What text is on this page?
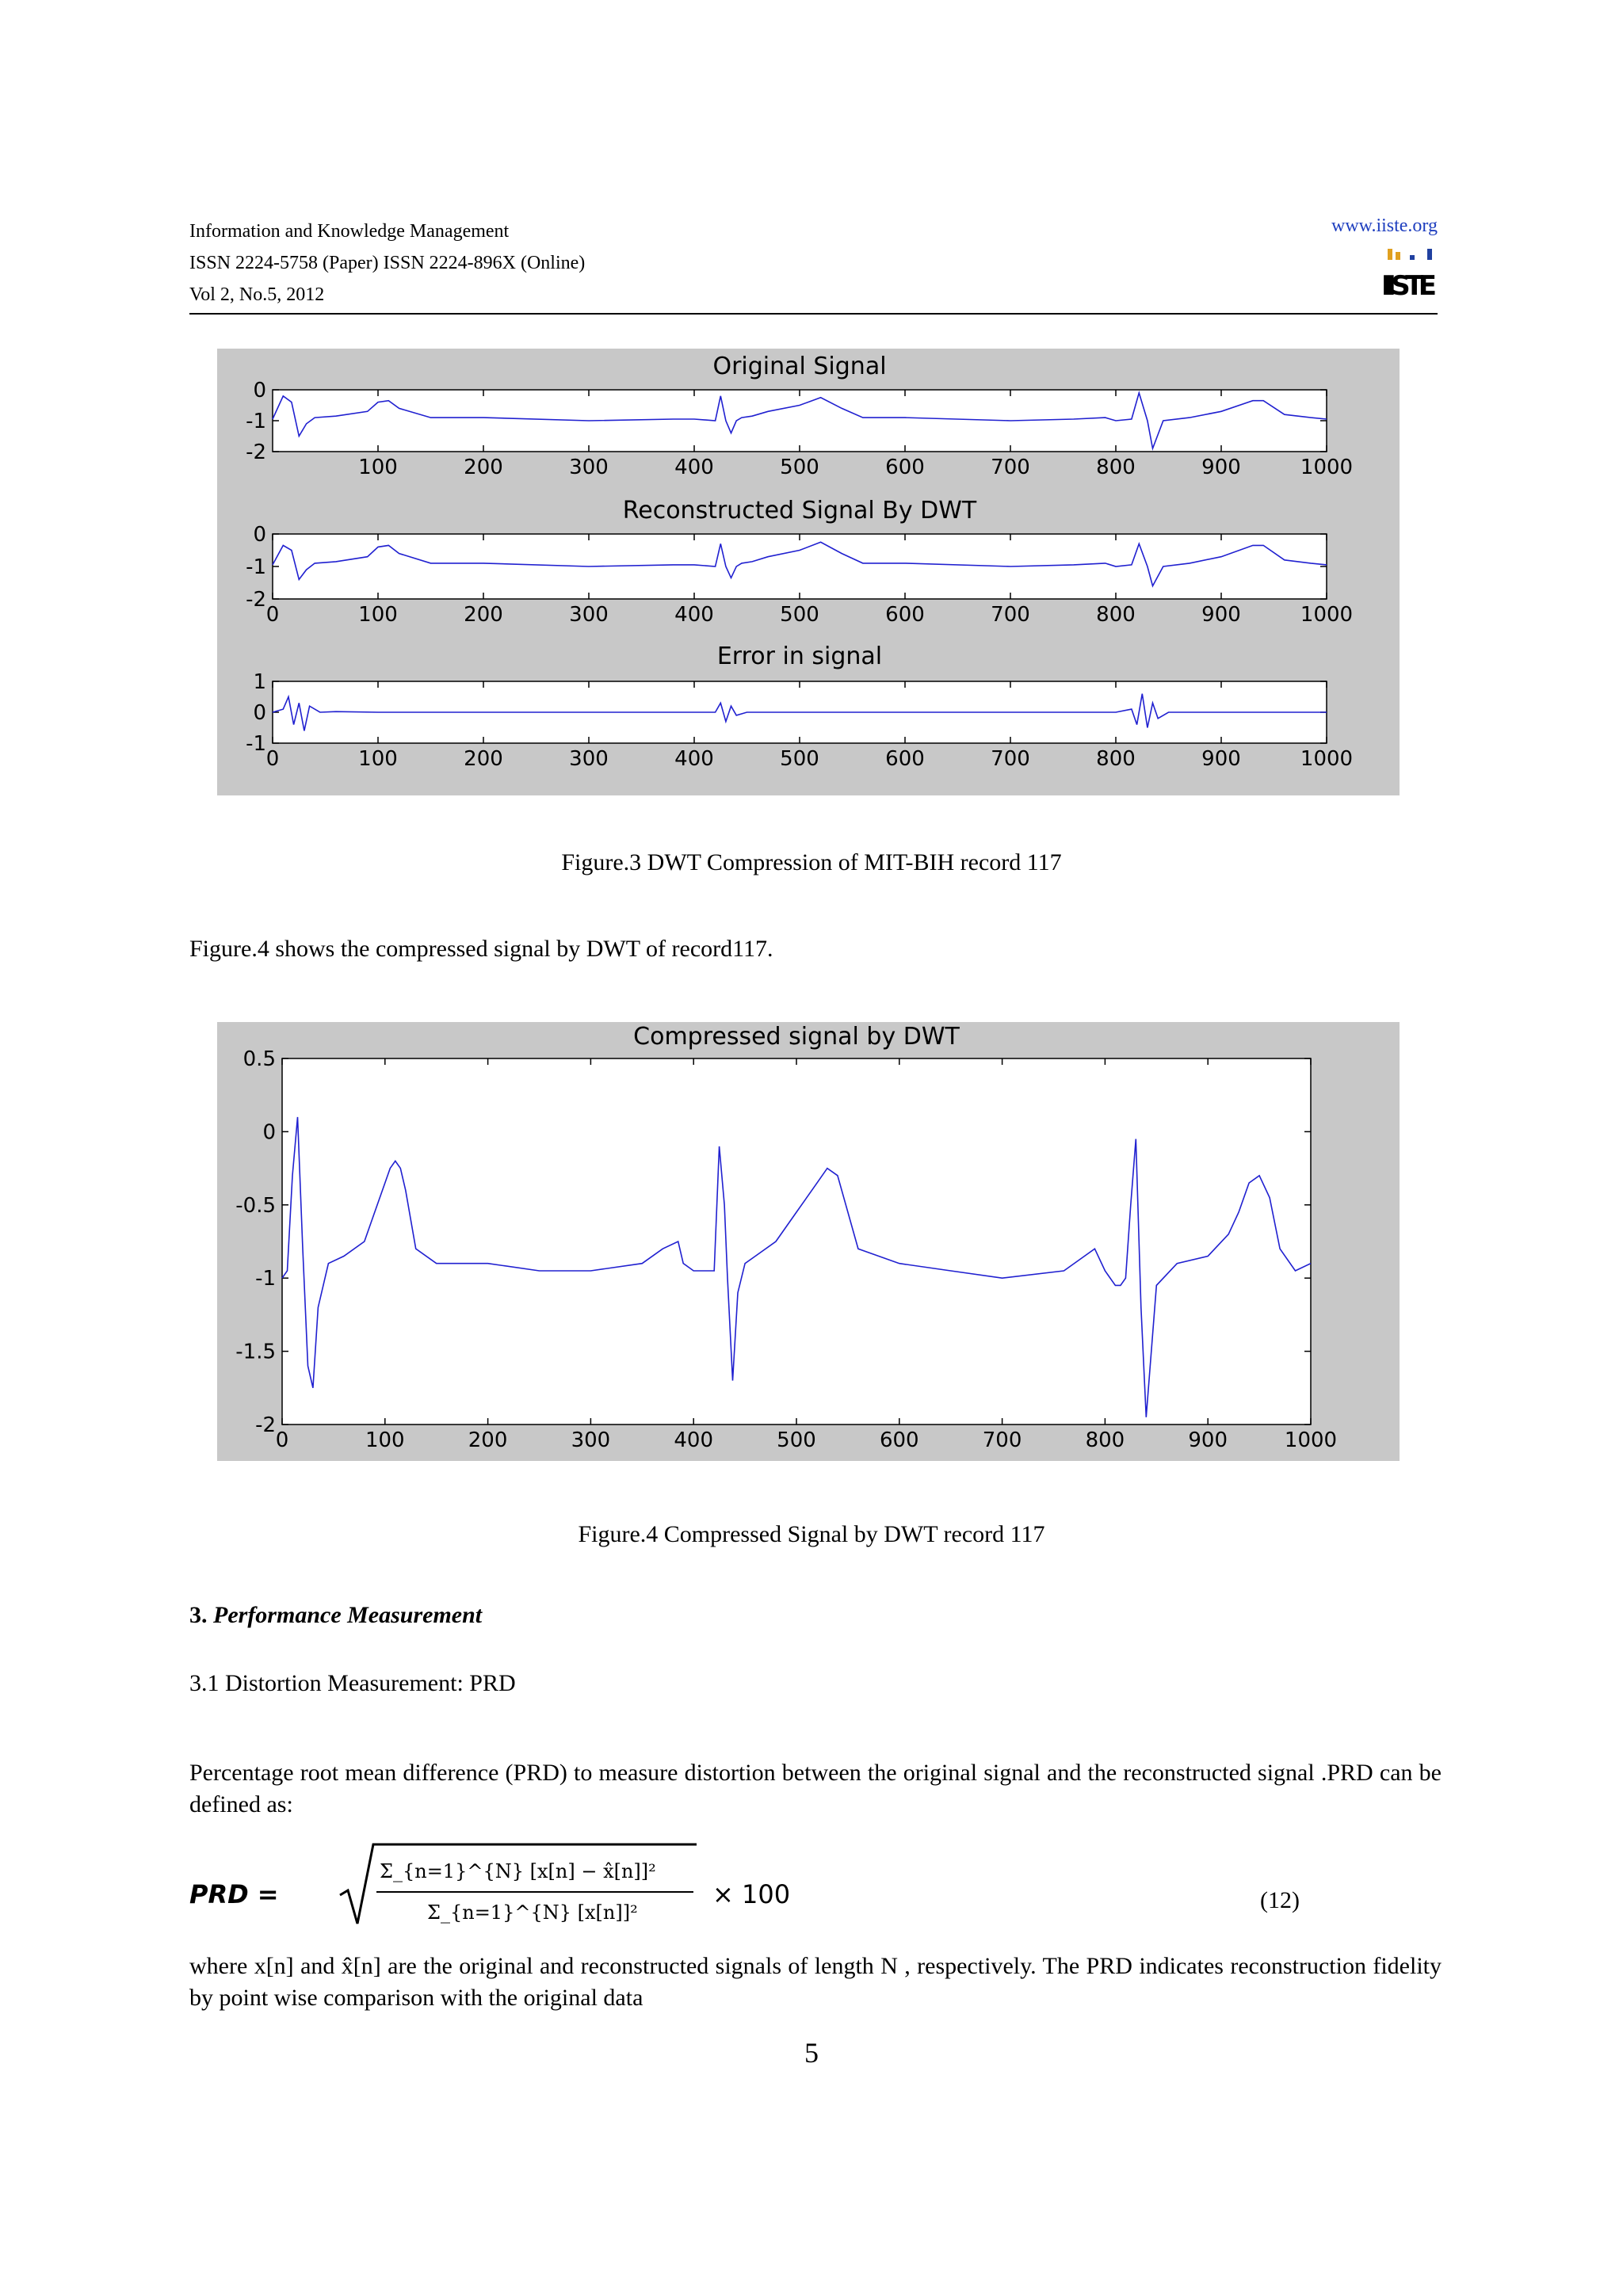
Information and Knowledge Management
ISSN 2224-5758 (Paper) ISSN 2224-896X (Online)
Vol 2, No.5, 2012
www.iiste.org
IISTE
Original Signal
100	200	300	400	500	600	700	800	900	1000
0
-1
-2
Reconstructed Signal By DWT
0	100	200	300	400	500	600	700	800	900	1000
0
-1
-2
Error in signal
0	100	200	300	400	500	600	700	800	900	1000
1
0
-1
Figure.3 DWT Compression of MIT-BIH record 117
Figure.4 shows the compressed signal by DWT of record117.
Compressed signal by DWT
0	100	200	300	400	500	600	700	800	900	1000
0.5
0
-0.5
-1
-1.5
-2
Figure.4 Compressed Signal by DWT record 117
3. Performance Measurement
3.1 Distortion Measurement: PRD
Percentage root mean difference (PRD) to measure distortion between the original signal and the reconstructed signal .PRD can be defined as:
PRD =
Σ_{n=1}^{N} [x[n] − x̂[n]]²
Σ_{n=1}^{N} [x[n]]²
× 100	(12)
where x[n] and x̂[n] are the original and reconstructed signals of length N , respectively. The PRD indicates reconstruction fidelity by point wise comparison with the original data
5
